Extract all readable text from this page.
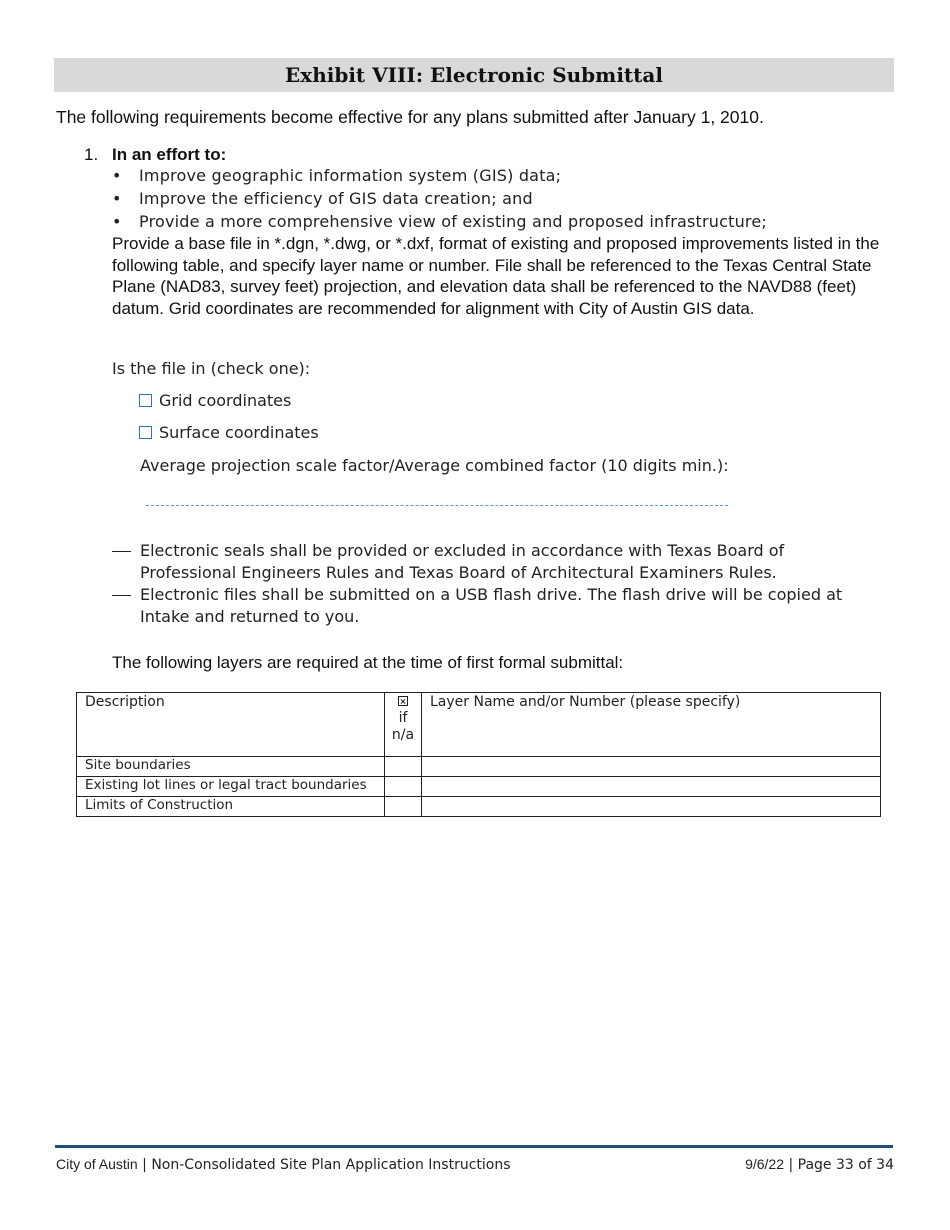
Exhibit VIII: Electronic Submittal
The following requirements become effective for any plans submitted after January 1, 2010.
1. In an effort to:
• Improve geographic information system (GIS) data;
• Improve the efficiency of GIS data creation; and
• Provide a more comprehensive view of existing and proposed infrastructure;
Provide a base file in *.dgn, *.dwg, or *.dxf, format of existing and proposed improvements listed in the following table, and specify layer name or number. File shall be referenced to the Texas Central State Plane (NAD83, survey feet) projection, and elevation data shall be referenced to the NAVD88 (feet) datum. Grid coordinates are recommended for alignment with City of Austin GIS data.
Is the file in (check one):
Grid coordinates
Surface coordinates
Average projection scale factor/Average combined factor (10 digits min.):
Electronic seals shall be provided or excluded in accordance with Texas Board of Professional Engineers Rules and Texas Board of Architectural Examiners Rules.
Electronic files shall be submitted on a USB flash drive. The flash drive will be copied at Intake and returned to you.
The following layers are required at the time of first formal submittal:
Description	if n/a	Layer Name and/or Number (please specify)
Site boundaries		
Existing lot lines or legal tract boundaries		
Limits of Construction		
City of Austin | Non-Consolidated Site Plan Application Instructions	9/6/22 | Page 33 of 34
